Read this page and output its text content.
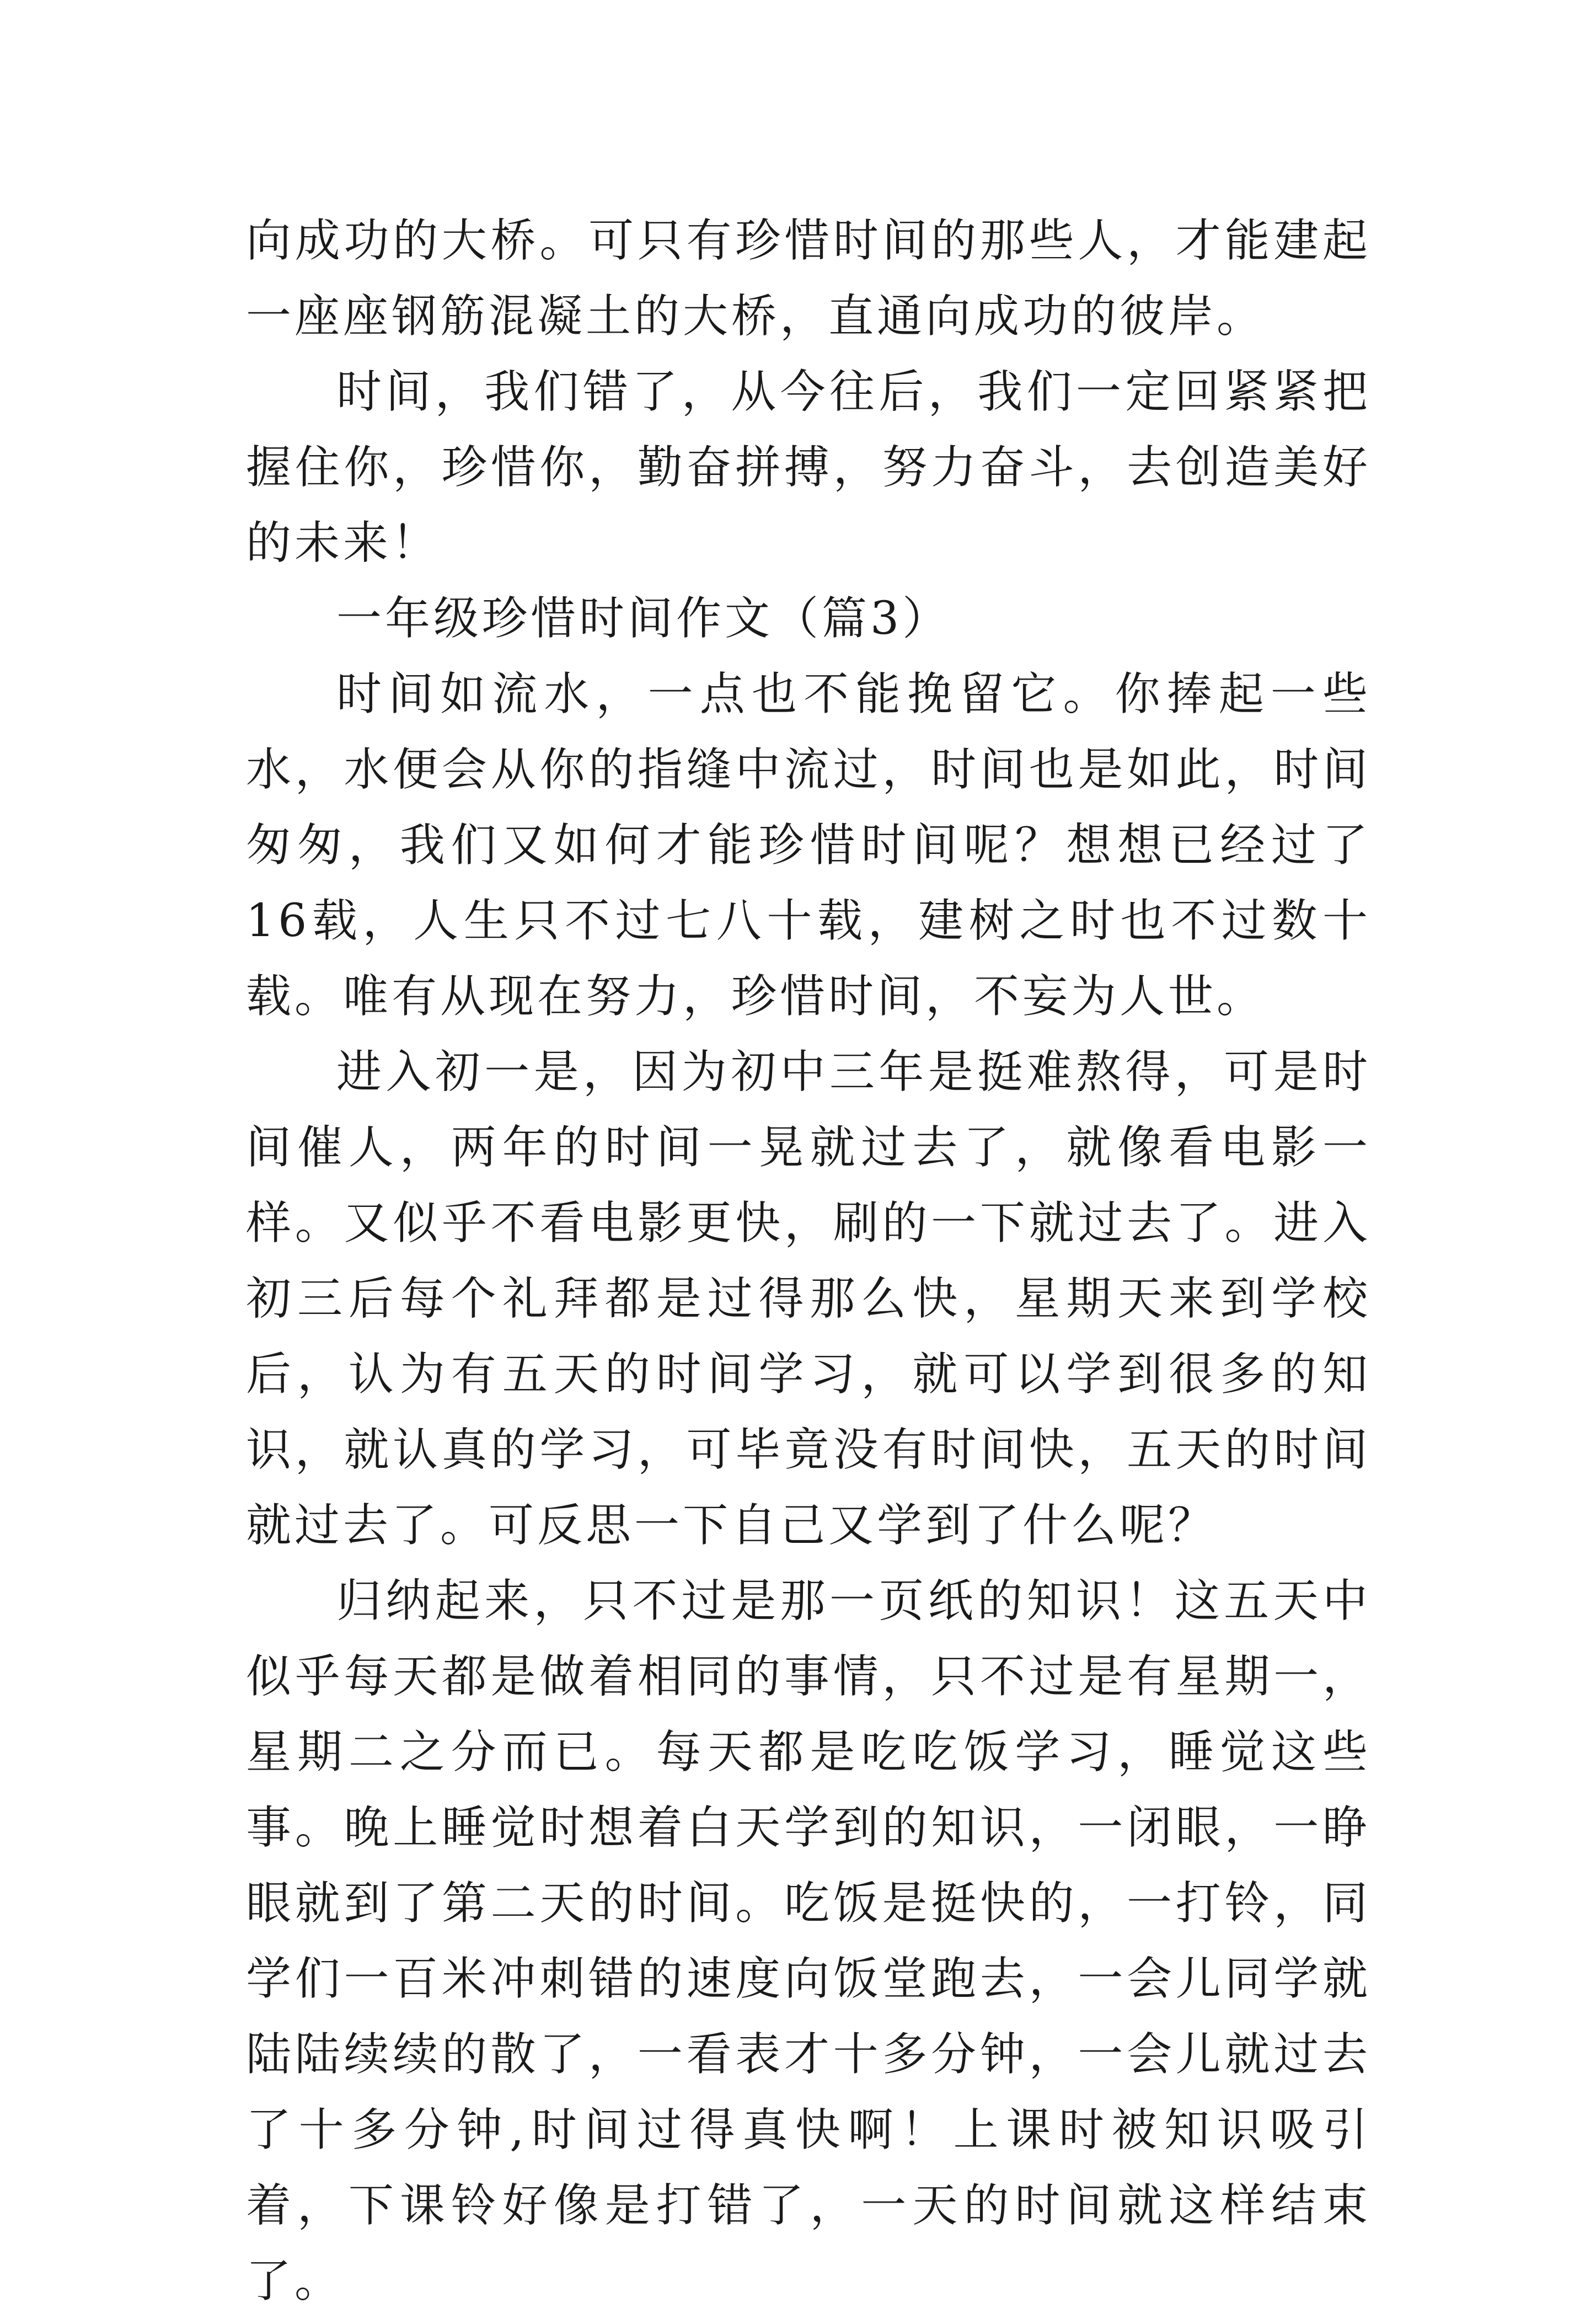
向成功的大桥。可只有珍惜时间的那些人，才能建起一座座钢筋混凝土的大桥，直通向成功的彼岸。

时间，我们错了，从今往后，我们一定回紧紧把握住你，珍惜你，勤奋拼搏，努力奋斗，去创造美好的未来！

一年级珍惜时间作文（篇3）

时间如流水，一点也不能挽留它。你捧起一些水，水便会从你的指缝中流过，时间也是如此，时间匆匆，我们又如何才能珍惜时间呢？想想已经过了16载，人生只不过七八十载，建树之时也不过数十载。唯有从现在努力，珍惜时间，不妄为人世。

进入初一是，因为初中三年是挺难熬得，可是时间催人，两年的时间一晃就过去了，就像看电影一样。又似乎不看电影更快，刷的一下就过去了。进入初三后每个礼拜都是过得那么快，星期天来到学校后，认为有五天的时间学习，就可以学到很多的知识，就认真的学习，可毕竟没有时间快，五天的时间就过去了。可反思一下自己又学到了什么呢？

归纳起来，只不过是那一页纸的知识！这五天中似乎每天都是做着相同的事情，只不过是有星期一，星期二之分而已。每天都是吃吃饭学习，睡觉这些事。晚上睡觉时想着白天学到的知识，一闭眼，一睁眼就到了第二天的时间。吃饭是挺快的，一打铃，同学们一百米冲刺错的速度向饭堂跑去，一会儿同学就陆陆续续的散了，一看表才十多分钟，一会儿就过去了十多分钟,时间过得真快啊！上课时被知识吸引着，下课铃好像是打错了，一天的时间就这样结束了。
